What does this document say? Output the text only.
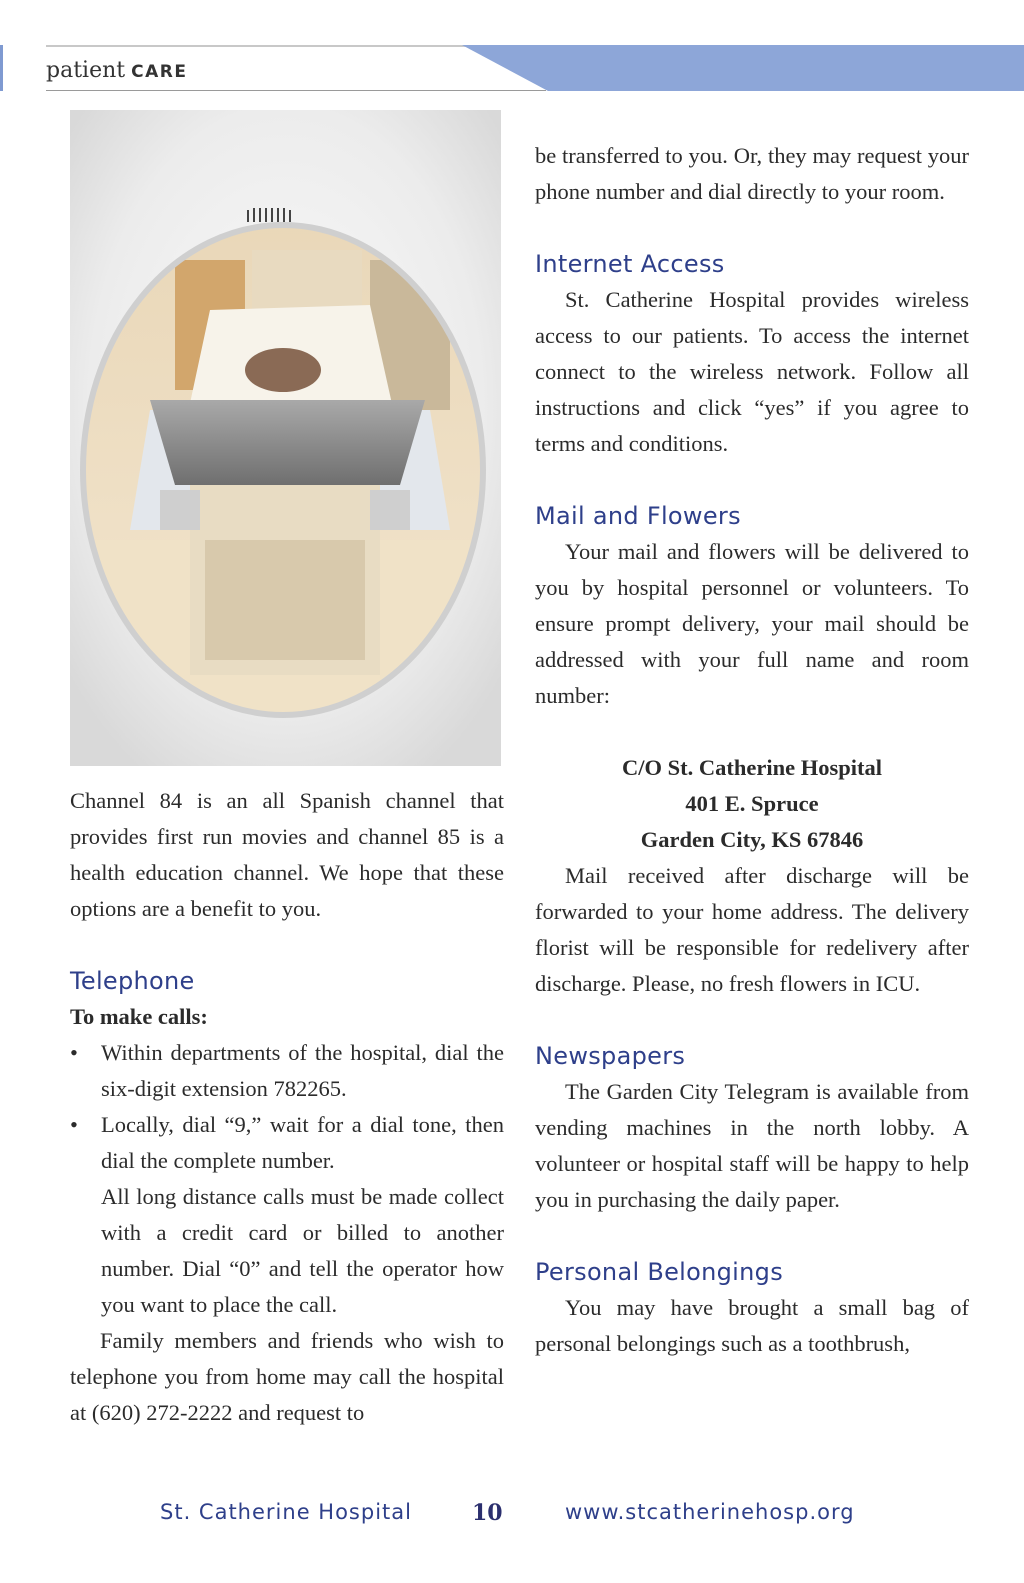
patient CARE

Channel 84 is an all Spanish channel that provides first run movies and channel 85 is a health education channel. We hope that these options are a benefit to you.

Telephone

To make calls:

• Within departments of the hospital, dial the six-digit extension 782265.
• Locally, dial “9,” wait for a dial tone, then dial the complete number.

All long distance calls must be made collect with a credit card or billed to another number. Dial “0” and tell the operator how you want to place the call.

Family members and friends who wish to telephone you from home may call the hospital at (620) 272-2222 and request to

be transferred to you. Or, they may request your phone number and dial directly to your room.

Internet Access

St. Catherine Hospital provides wireless access to our patients. To access the internet connect to the wireless network. Follow all instructions and click “yes” if you agree to terms and conditions.

Mail and Flowers

Your mail and flowers will be delivered to you by hospital personnel or volunteers. To ensure prompt delivery, your mail should be addressed with your full name and room number:

C/O St. Catherine Hospital
401 E. Spruce
Garden City, KS 67846

Mail received after discharge will be forwarded to your home address. The delivery florist will be responsible for redelivery after discharge. Please, no fresh flowers in ICU.

Newspapers

The Garden City Telegram is available from vending machines in the north lobby. A volunteer or hospital staff will be happy to help you in purchasing the daily paper.

Personal Belongings

You may have brought a small bag of personal belongings such as a toothbrush,

St. Catherine Hospital	10	www.stcatherinehosp.org
